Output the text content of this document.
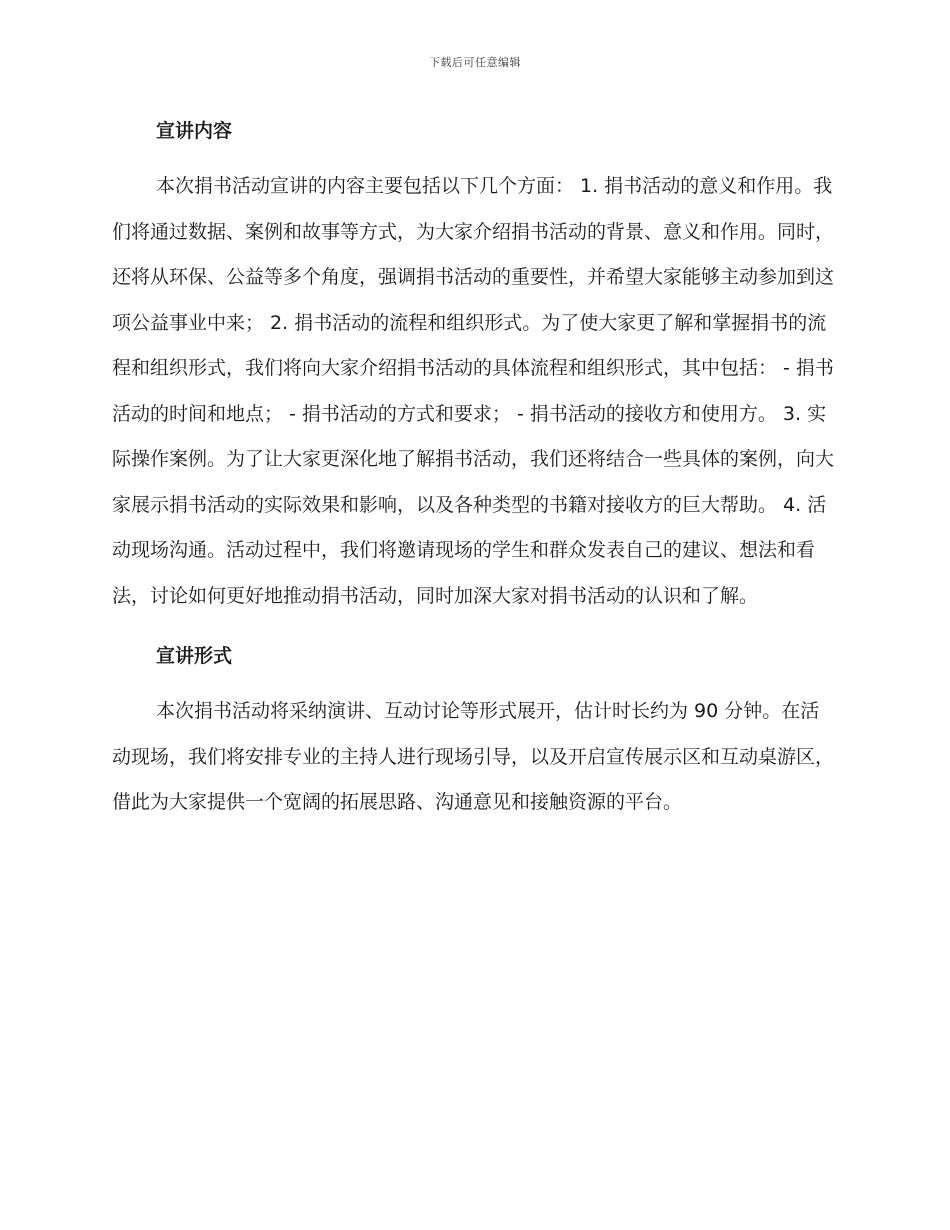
下载后可任意编辑
宣讲内容

本次捐书活动宣讲的内容主要包括以下几个方面： 1. 捐书活动的意义和作用。我们将通过数据、案例和故事等方式，为大家介绍捐书活动的背景、意义和作用。同时，还将从环保、公益等多个角度，强调捐书活动的重要性，并希望大家能够主动参加到这项公益事业中来； 2. 捐书活动的流程和组织形式。为了使大家更了解和掌握捐书的流程和组织形式，我们将向大家介绍捐书活动的具体流程和组织形式，其中包括： - 捐书活动的时间和地点； - 捐书活动的方式和要求； - 捐书活动的接收方和使用方。 3. 实际操作案例。为了让大家更深化地了解捐书活动，我们还将结合一些具体的案例，向大家展示捐书活动的实际效果和影响，以及各种类型的书籍对接收方的巨大帮助。 4. 活动现场沟通。活动过程中，我们将邀请现场的学生和群众发表自己的建议、想法和看法，讨论如何更好地推动捐书活动，同时加深大家对捐书活动的认识和了解。

宣讲形式

本次捐书活动将采纳演讲、互动讨论等形式展开，估计时长约为 90 分钟。在活动现场，我们将安排专业的主持人进行现场引导，以及开启宣传展示区和互动桌游区，借此为大家提供一个宽阔的拓展思路、沟通意见和接触资源的平台。
